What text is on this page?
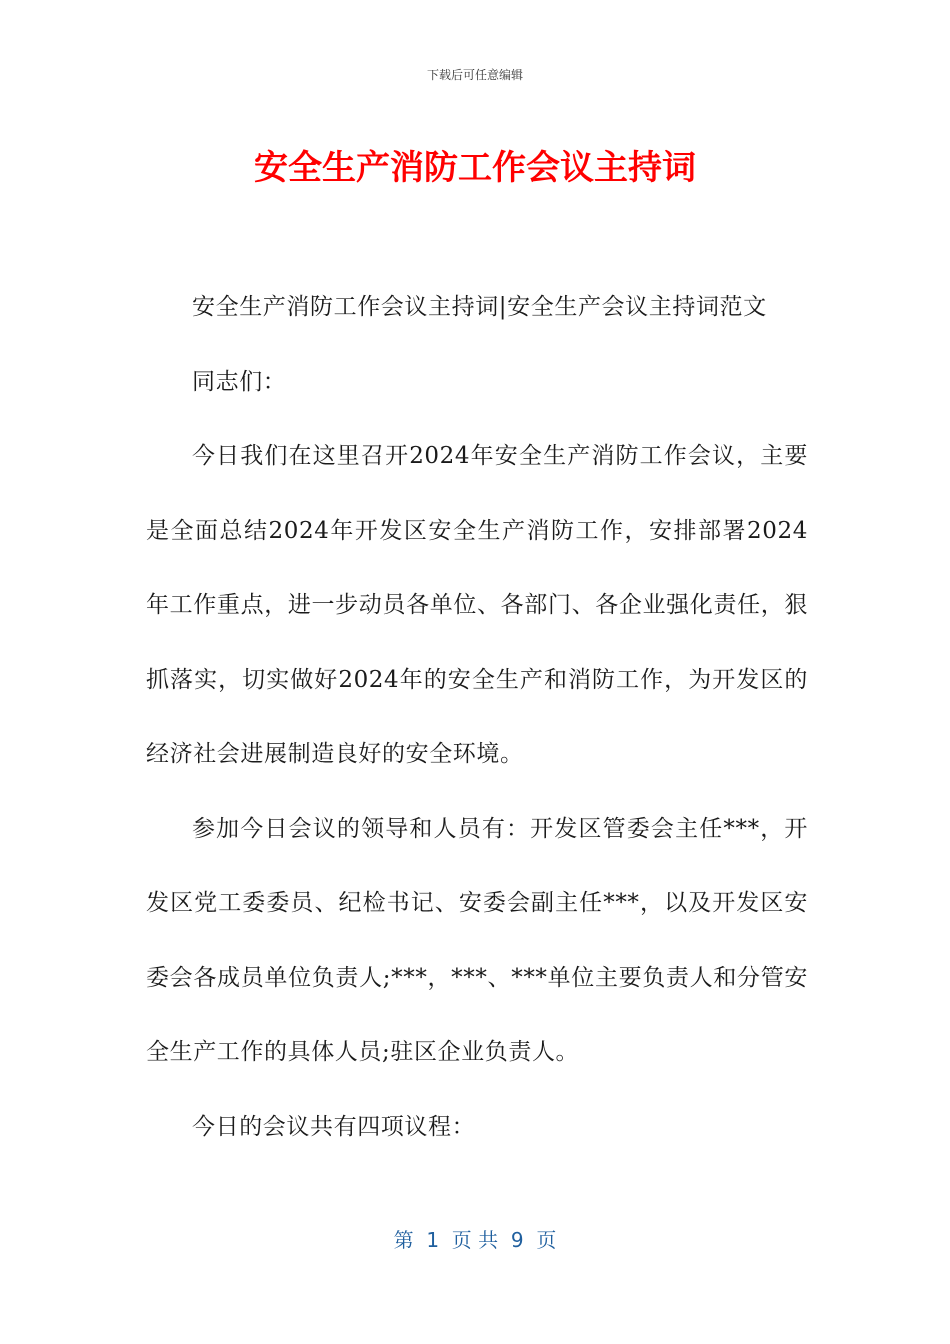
下载后可任意编辑
安全生产消防工作会议主持词

安全生产消防工作会议主持词|安全生产会议主持词范文

同志们：

今日我们在这里召开2024年安全生产消防工作会议，主要是全面总结2024年开发区安全生产消防工作，安排部署2024年工作重点，进一步动员各单位、各部门、各企业强化责任，狠抓落实，切实做好2024年的安全生产和消防工作，为开发区的经济社会进展制造良好的安全环境。

参加今日会议的领导和人员有：开发区管委会主任***，开发区党工委委员、纪检书记、安委会副主任***，以及开发区安委会各成员单位负责人;***，***、***单位主要负责人和分管安全生产工作的具体人员;驻区企业负责人。

今日的会议共有四项议程：

第  1  页 共  9  页
